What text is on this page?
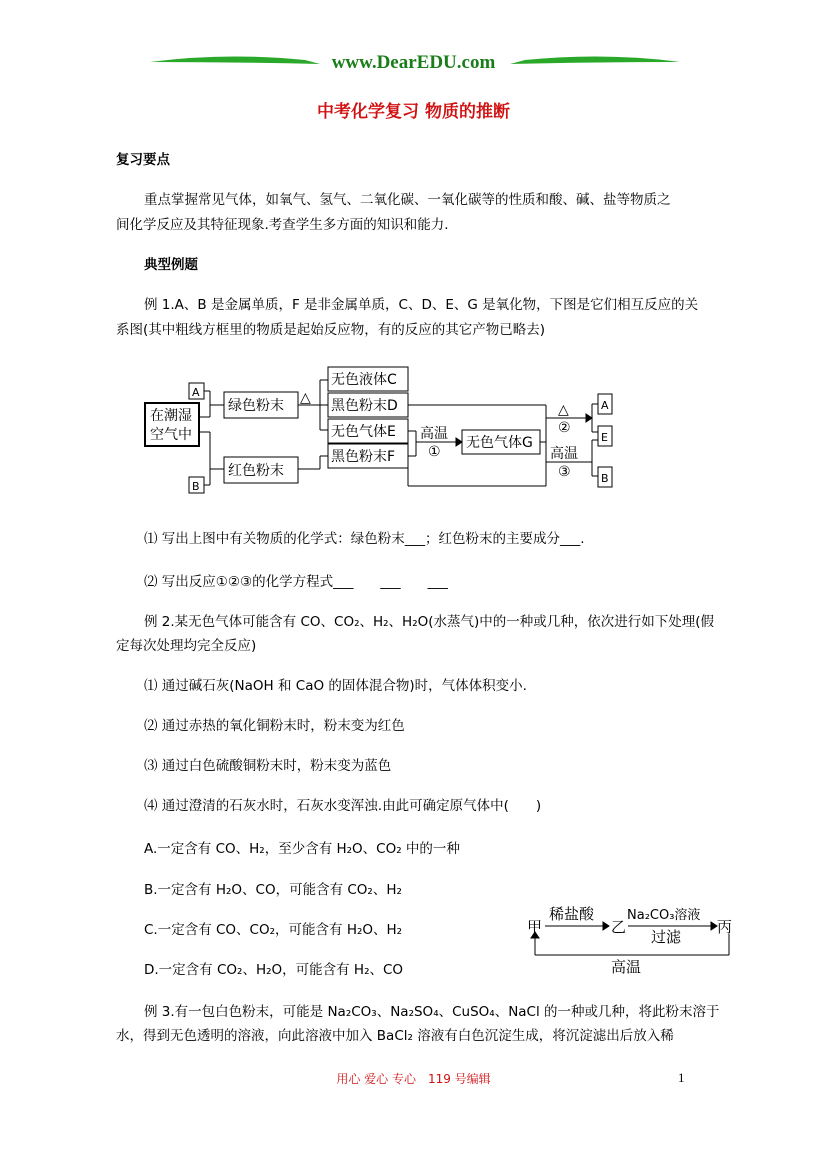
www.DearEDU.com
中考化学复习 物质的推断
复习要点
重点掌握常见气体，如氧气、氢气、二氧化碳、一氧化碳等的性质和酸、碱、盐等物质之
间化学反应及其特征现象.考查学生多方面的知识和能力.
典型例题
例 1.A、B 是金属单质，F 是非金属单质，C、D、E、G 是氧化物，下图是它们相互反应的关
系图(其中粗线方框里的物质是起始反应物，有的反应的其它产物已略去)
A
在潮湿
空气中
B
绿色粉末
红色粉末
△
无色液体C
黑色粉末D
无色气体E
黑色粉末F
高温
①
无色气体G
△
②
高温
③
A
E
B
⑴ 写出上图中有关物质的化学式：绿色粉末___；红色粉末的主要成分___.
⑵ 写出反应①②③的化学方程式___　　___　　___
例 2.某无色气体可能含有 CO、CO₂、H₂、H₂O(水蒸气)中的一种或几种，依次进行如下处理(假
定每次处理均完全反应)
⑴ 通过碱石灰(NaOH 和 CaO 的固体混合物)时，气体体积变小.
⑵ 通过赤热的氧化铜粉末时，粉末变为红色
⑶ 通过白色硫酸铜粉末时，粉末变为蓝色
⑷ 通过澄清的石灰水时，石灰水变浑浊.由此可确定原气体中(　　)
A.一定含有 CO、H₂，至少含有 H₂O、CO₂ 中的一种
B.一定含有 H₂O、CO，可能含有 CO₂、H₂
C.一定含有 CO、CO₂，可能含有 H₂O、H₂
D.一定含有 CO₂、H₂O，可能含有 H₂、CO
甲
稀盐酸
乙
Na₂CO₃溶液
过滤
丙
高温
例 3.有一包白色粉末，可能是 Na₂CO₃、Na₂SO₄、CuSO₄、NaCl 的一种或几种，将此粉末溶于
水，得到无色透明的溶液，向此溶液中加入 BaCl₂ 溶液有白色沉淀生成，将沉淀滤出后放入稀
用心 爱心 专心　119 号编辑	1
